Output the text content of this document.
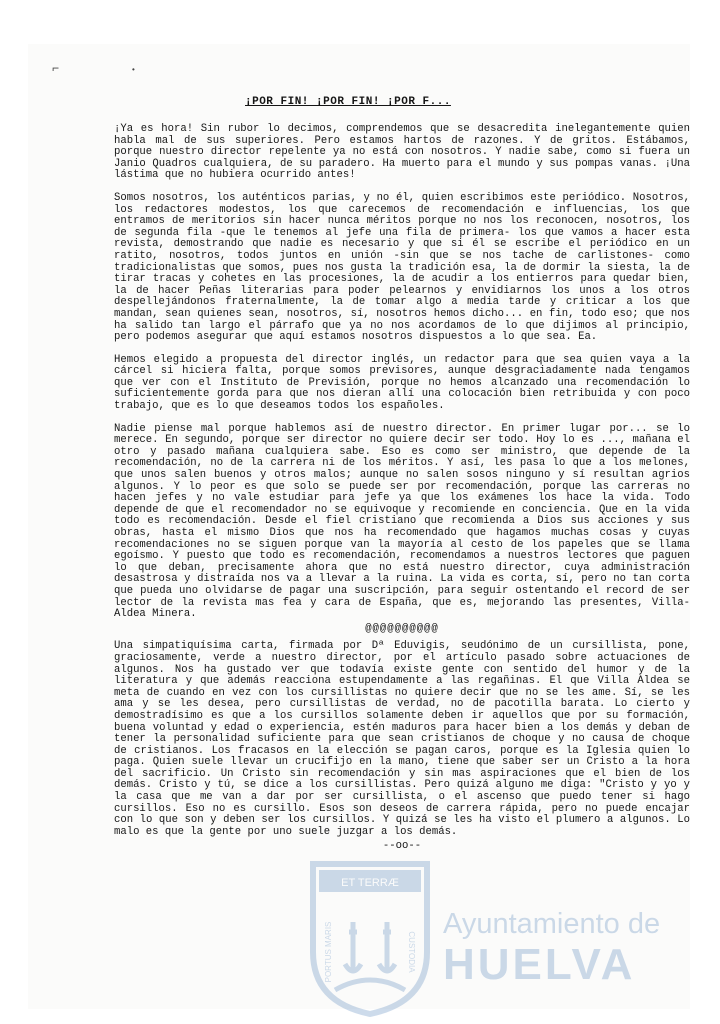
⌐	•
¡POR FIN! ¡POR FIN! ¡POR F...

¡Ya es hora! Sin rubor lo decimos, comprendemos que se desacredita inelegantemente quien habla mal de sus superiores. Pero estamos hartos de razones. Y de gritos. Estábamos, porque nuestro director repelente ya no está con nosotros. Y nadie sabe, como si fuera un Janio Quadros cualquiera, de su paradero. Ha muerto para el mundo y sus pompas vanas. ¡Una lástima que no hubiera ocurrido antes!

Somos nosotros, los auténticos parias, y no él, quien escribimos este periódico. Nosotros, los redactores modestos, los que carecemos de recomendación e influencias, los que entramos de meritorios sin hacer nunca méritos porque no nos los reconocen, nosotros, los de segunda fila -que le tenemos al jefe una fila de primera- los que vamos a hacer esta revista, demostrando que nadie es necesario y que si él se escribe el periódico en un ratito, nosotros, todos juntos en unión -sin que se nos tache de carlistones- como tradicionalistas que somos, pues nos gusta la tradición esa, la de dormir la siesta, la de tirar tracas y cohetes en las procesiones, la de acudir a los entierros para quedar bien, la de hacer Peñas literarias para poder pelearnos y envidiarnos los unos a los otros despellejándonos fraternalmente, la de tomar algo a media tarde y criticar a los que mandan, sean quienes sean, nosotros, sí, nosotros hemos dicho... en fin, todo eso; que nos ha salido tan largo el párrafo que ya no nos acordamos de lo que dijimos al principio, pero podemos asegurar que aquí estamos nosotros dispuestos a lo que sea. Ea.

Hemos elegido a propuesta del director inglés, un redactor para que sea quien vaya a la cárcel si hiciera falta, porque somos previsores, aunque desgraciadamente nada tengamos que ver con el Instituto de Previsión, porque no hemos alcanzado una recomendación lo suficientemente gorda para que nos dieran allí una colocación bien retribuida y con poco trabajo, que es lo que deseamos todos los españoles.

Nadie piense mal porque hablemos así de nuestro director. En primer lugar por... se lo merece. En segundo, porque ser director no quiere decir ser todo. Hoy lo es ..., mañana el otro y pasado mañana cualquiera sabe. Eso es como ser ministro, que depende de la recomendación, no de la carrera ni de los méritos. Y así, les pasa lo que a los melones, que unos salen buenos y otros malos; aunque no salen sosos ninguno y sí resultan agrios algunos. Y lo peor es que solo se puede ser por recomendación, porque las carreras no hacen jefes y no vale estudiar para jefe ya que los exámenes los hace la vida. Todo depende de que el recomendador no se equivoque y recomiende en conciencia. Que en la vida todo es recomendación. Desde el fiel cristiano que recomienda a Dios sus acciones y sus obras, hasta el mismo Dios que nos ha recomendado que hagamos muchas cosas y cuyas recomendaciones no se siguen porque van la mayoría al cesto de los papeles que se llama egoísmo. Y puesto que todo es recomendación, recomendamos a nuestros lectores que paguen lo que deban, precisamente ahora que no está nuestro director, cuya administración desastrosa y distraída nos va a llevar a la ruina. La vida es corta, sí, pero no tan corta que pueda uno olvidarse de pagar una suscripción, para seguir ostentando el record de ser lector de la revista mas fea y cara de España, que es, mejorando las presentes, Villa-Aldea Minera.

@@@@@@@@@@

Una simpatiquísima carta, firmada por Dª Eduvigis, seudónimo de un cursillista, pone, graciosamente, verde a nuestro director, por el artículo pasado sobre actuaciones de algunos. Nos ha gustado ver que todavía existe gente con sentido del humor y de la literatura y que además reacciona estupendamente a las regañinas. El que Villa Aldea se meta de cuando en vez con los cursillistas no quiere decir que no se les ame. Sí, se les ama y se les desea, pero cursillistas de verdad, no de pacotilla barata. Lo cierto y demostradísimo es que a los cursillos solamente deben ir aquellos que por su formación, buena voluntad y edad o experiencia, estén maduros para hacer bien a los demás y deban de tener la personalidad suficiente para que sean cristianos de choque y no causa de choque de cristianos. Los fracasos en la elección se pagan caros, porque es la Iglesia quien lo paga. Quien suele llevar un crucifijo en la mano, tiene que saber ser un Cristo a la hora del sacrificio. Un Cristo sin recomendación y sin mas aspiraciones que el bien de los demás. Cristo y tú, se dice a los cursillistas. Pero quizá alguno me diga: "Cristo y yo y la casa que me van a dar por ser cursillista, o el ascenso que puedo tener si hago cursillos. Eso no es cursillo. Esos son deseos de carrera rápida, pero no puede encajar con lo que son y deben ser los cursillos. Y quizá se les ha visto el plumero a algunos. Lo malo es que la gente por uno suele juzgar a los demás.

--oo--
ET TERRÆ
PORTUS MARIS	CUSTODIA
Ayuntamiento de
HUELVA
